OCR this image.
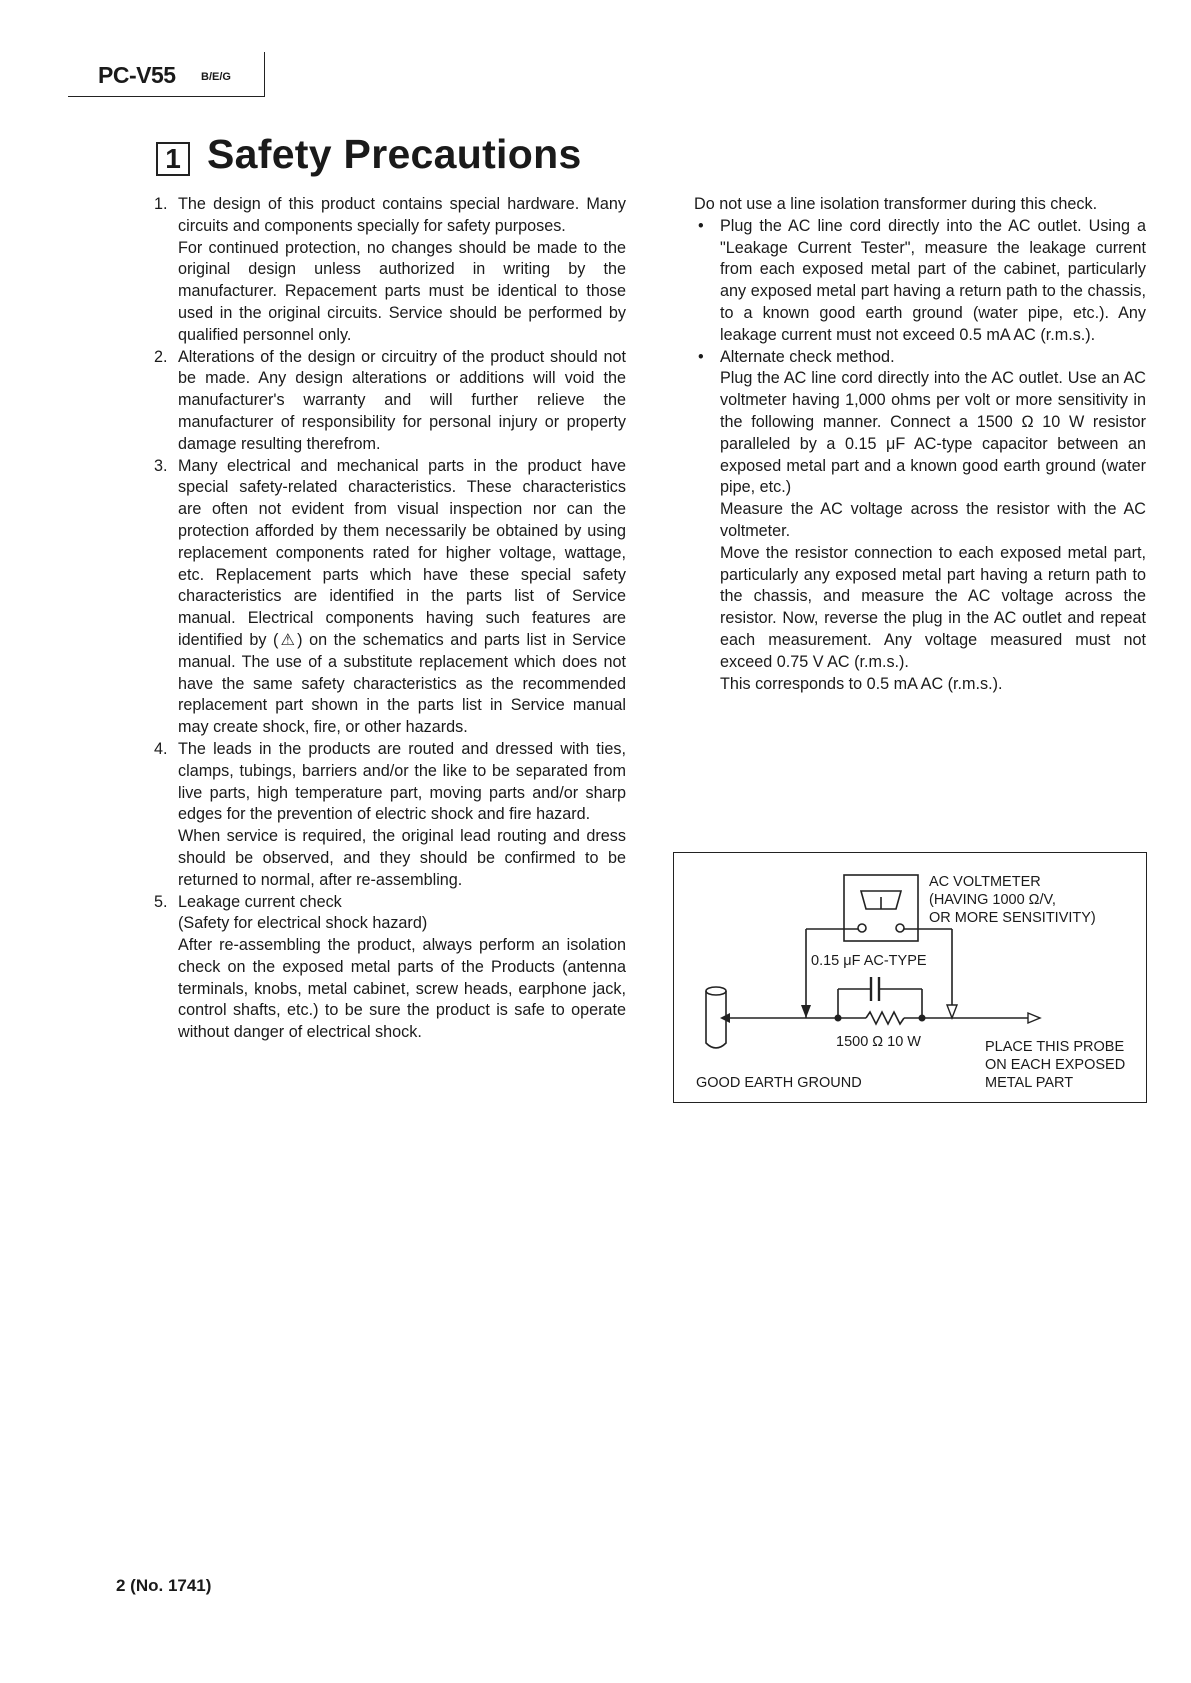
PC-V55 B/E/G
1 Safety Precautions
1. The design of this product contains special hardware. Many circuits and components specially for safety purposes.
For continued protection, no changes should be made to the original design unless authorized in writing by the manufacturer. Repacement parts must be identical to those used in the original circuits. Service should be performed by qualified personnel only.
2. Alterations of the design or circuitry of the product should not be made. Any design alterations or additions will void the manufacturer's warranty and will further relieve the manufacturer of responsibility for personal injury or property damage resulting therefrom.
3. Many electrical and mechanical parts in the product have special safety-related characteristics. These characteristics are often not evident from visual inspection nor can the protection afforded by them necessarily be obtained by using replacement components rated for higher voltage, wattage, etc. Replacement parts which have these special safety characteristics are identified in the parts list of Service manual. Electrical components having such features are identified by (⚠) on the schematics and parts list in Service manual. The use of a substitute replacement which does not have the same safety characteristics as the recommended replacement part shown in the parts list in Service manual may create shock, fire, or other hazards.
4. The leads in the products are routed and dressed with ties, clamps, tubings, barriers and/or the like to be separated from live parts, high temperature part, moving parts and/or sharp edges for the prevention of electric shock and fire hazard.
When service is required, the original lead routing and dress should be observed, and they should be confirmed to be returned to normal, after re-assembling.
5. Leakage current check
(Safety for electrical shock hazard)
After re-assembling the product, always perform an isolation check on the exposed metal parts of the Products (antenna terminals, knobs, metal cabinet, screw heads, earphone jack, control shafts, etc.) to be sure the product is safe to operate without danger of electrical shock.
Do not use a line isolation transformer during this check.
• Plug the AC line cord directly into the AC outlet. Using a "Leakage Current Tester", measure the leakage current from each exposed metal part of the cabinet, particularly any exposed metal part having a return path to the chassis, to a known good earth ground (water pipe, etc.). Any leakage current must not exceed 0.5 mA AC (r.m.s.).
• Alternate check method.
Plug the AC line cord directly into the AC outlet. Use an AC voltmeter having 1,000 ohms per volt or more sensitivity in the following manner. Connect a 1500 Ω 10 W resistor paralleled by a 0.15 μF AC-type capacitor between an exposed metal part and a known good earth ground (water pipe, etc.)
Measure the AC voltage across the resistor with the AC voltmeter.
Move the resistor connection to each exposed metal part, particularly any exposed metal part having a return path to the chassis, and measure the AC voltage across the resistor. Now, reverse the plug in the AC outlet and repeat each measurement. Any voltage measured must not exceed 0.75 V AC (r.m.s.).
This corresponds to 0.5 mA AC (r.m.s.).
AC VOLTMETER
(HAVING 1000 Ω/V,
OR MORE SENSITIVITY)
0.15 μF AC-TYPE
1500 Ω 10 W
GOOD EARTH GROUND
PLACE THIS PROBE
ON EACH EXPOSED
METAL PART
2 (No. 1741)
